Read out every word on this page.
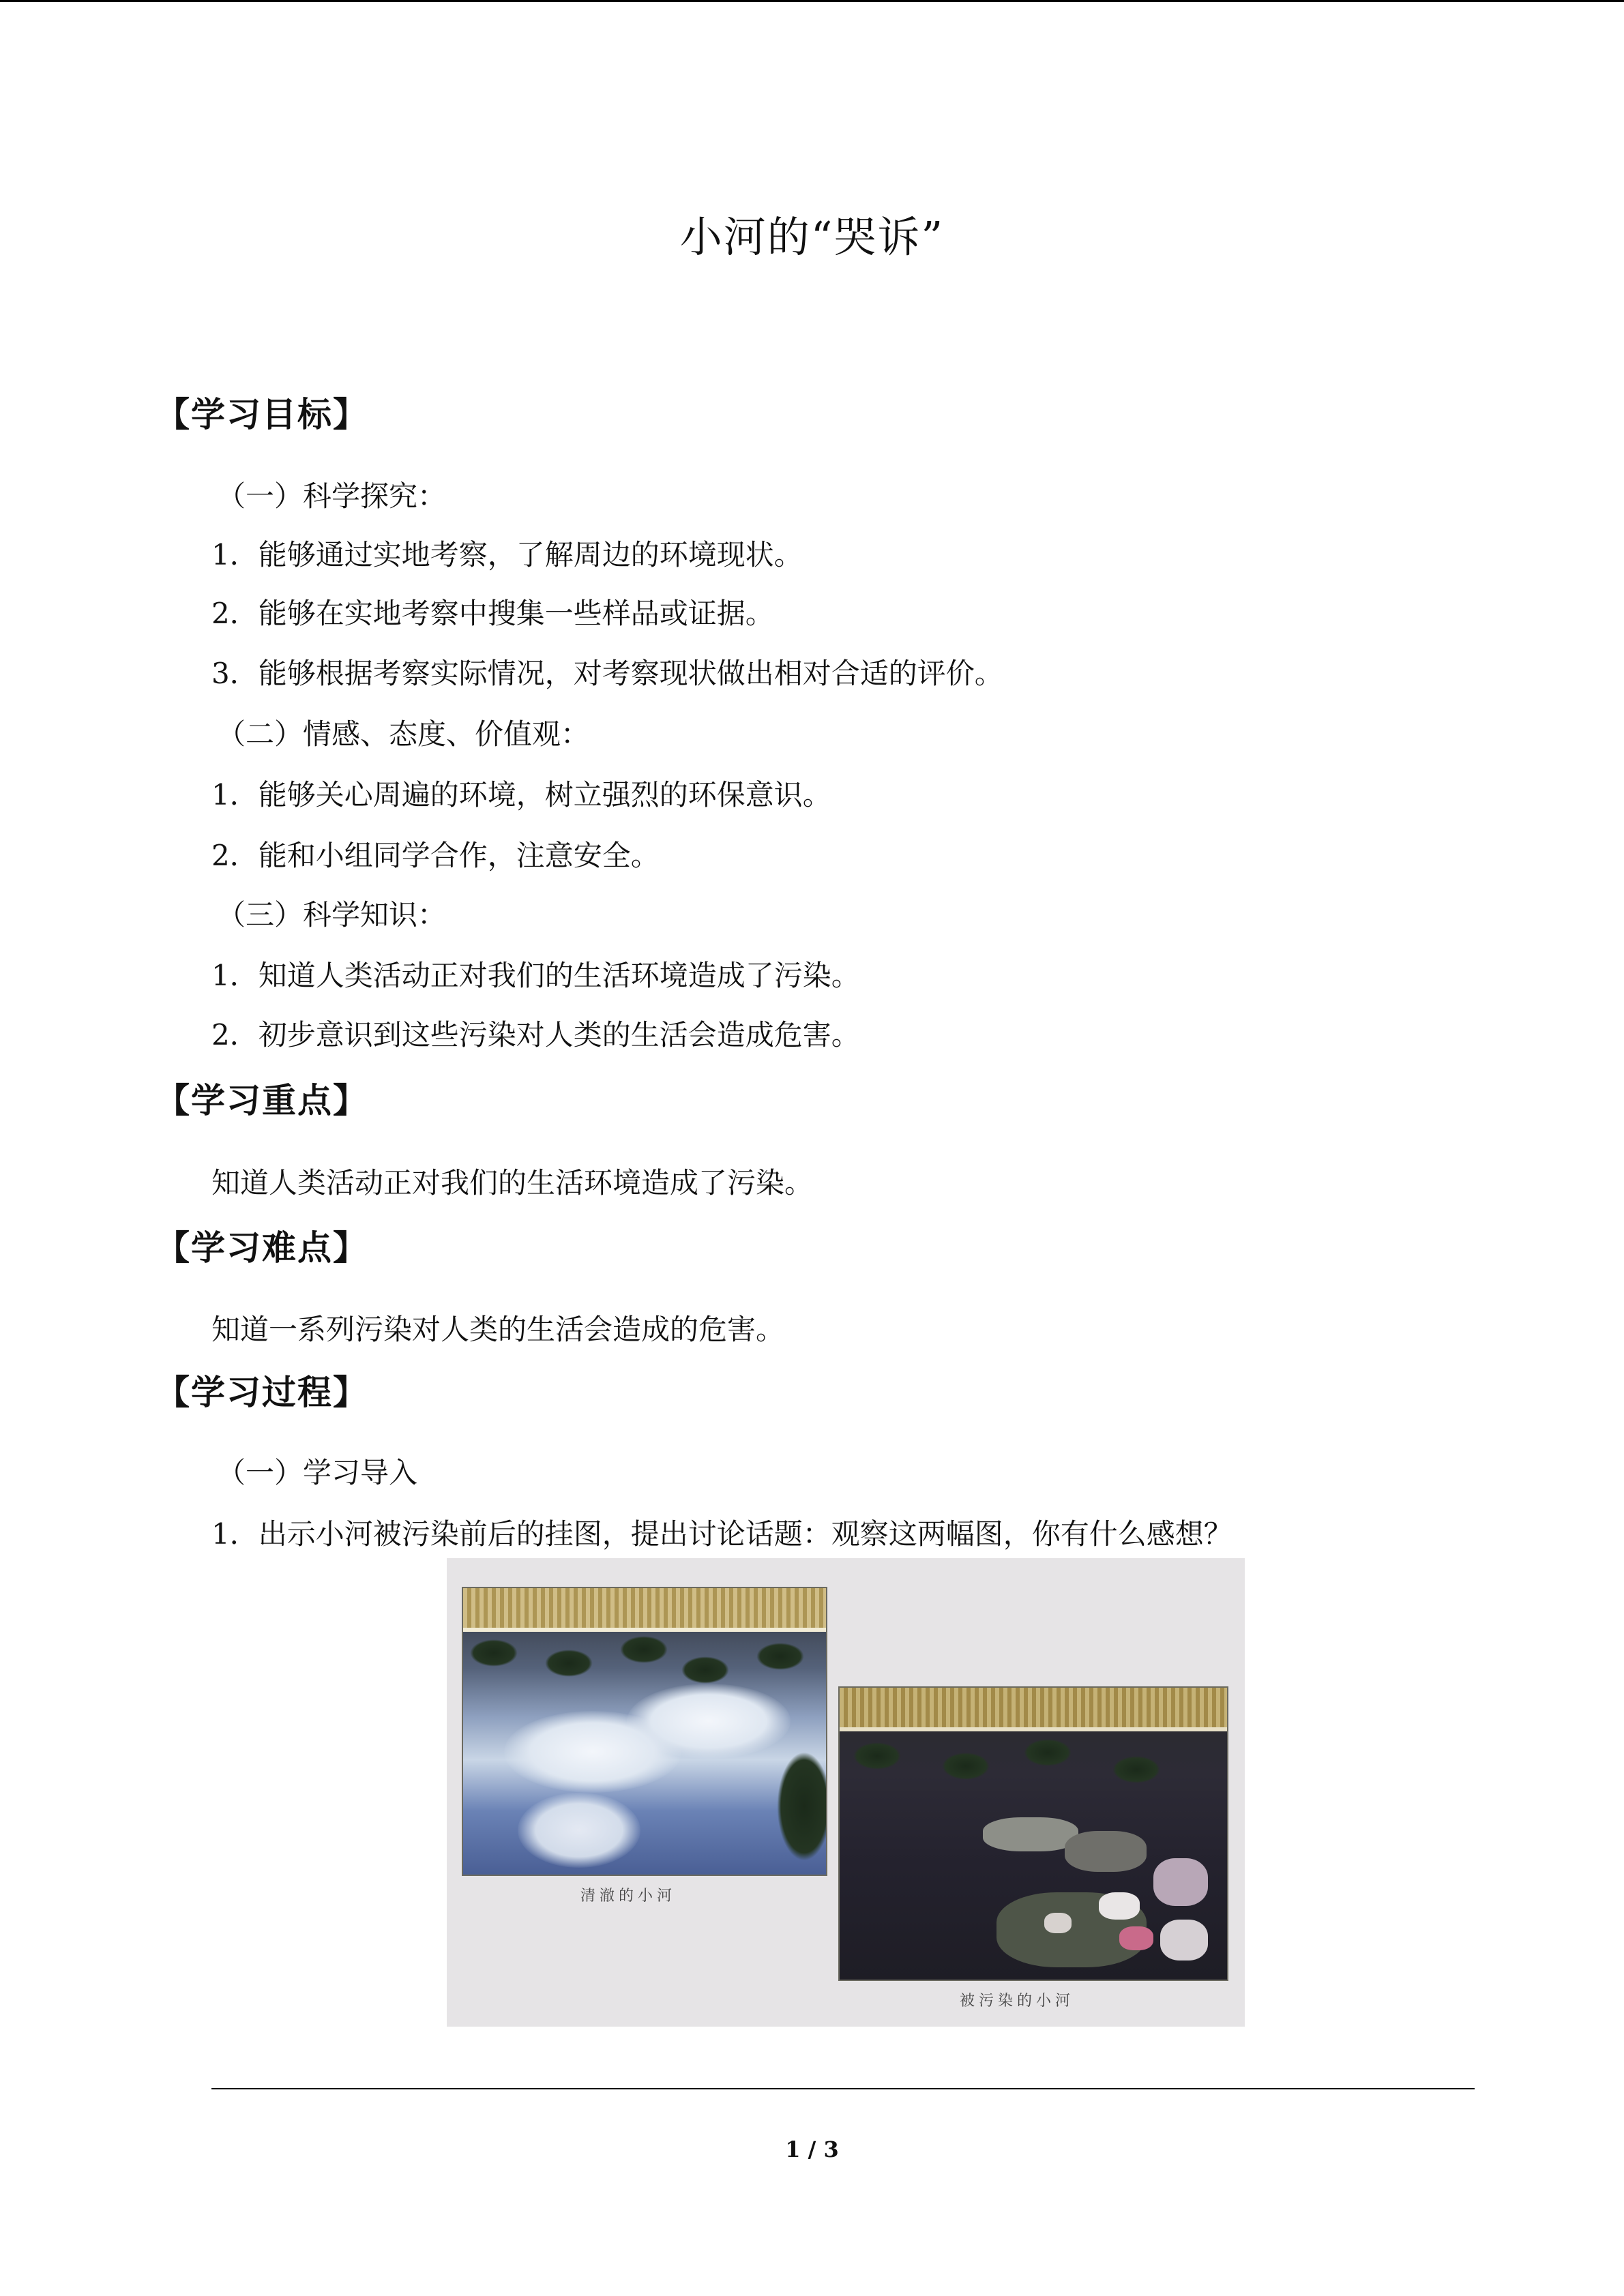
小河的“哭诉”
【学习目标】
（一）科学探究：
1．能够通过实地考察，了解周边的环境现状。
2．能够在实地考察中搜集一些样品或证据。
3．能够根据考察实际情况，对考察现状做出相对合适的评价。
（二）情感、态度、价值观：
1．能够关心周遍的环境，树立强烈的环保意识。
2．能和小组同学合作，注意安全。
（三）科学知识：
1．知道人类活动正对我们的生活环境造成了污染。
2．初步意识到这些污染对人类的生活会造成危害。
【学习重点】
知道人类活动正对我们的生活环境造成了污染。
【学习难点】
知道一系列污染对人类的生活会造成的危害。
【学习过程】
（一）学习导入
1．出示小河被污染前后的挂图，提出讨论话题：观察这两幅图，你有什么感想？
清澈的小河
被污染的小河
1 / 3
